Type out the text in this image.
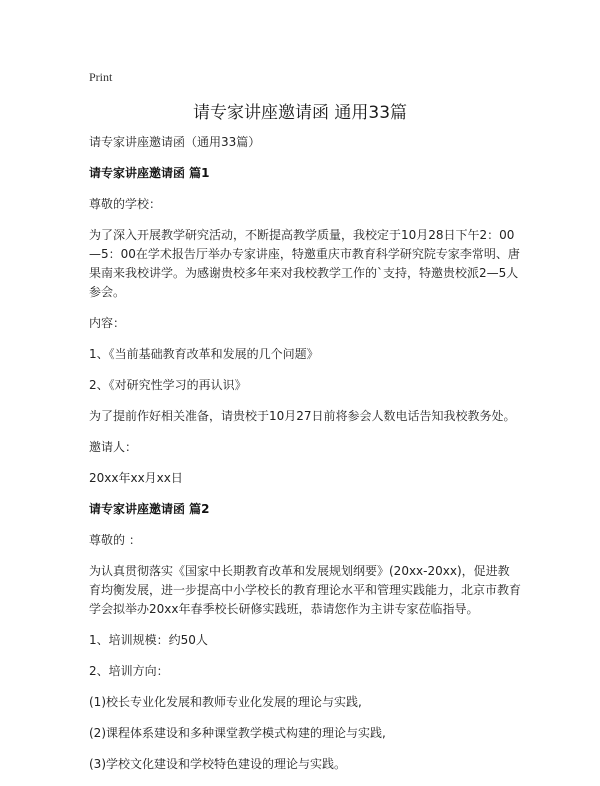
Print
请专家讲座邀请函 通用33篇

请专家讲座邀请函（通用33篇）

请专家讲座邀请函 篇1

尊敬的学校：

为了深入开展教学研究活动，不断提高教学质量，我校定于10月28日下午2：00—5：00在学术报告厅举办专家讲座，特邀重庆市教育科学研究院专家李常明、唐果南来我校讲学。为感谢贵校多年来对我校教学工作的`支持，特邀贵校派2—5人参会。

内容：

1、《当前基础教育改革和发展的几个问题》

2、《对研究性学习的再认识》

为了提前作好相关准备，请贵校于10月27日前将参会人数电话告知我校教务处。

邀请人：

20xx年xx月xx日

请专家讲座邀请函 篇2

尊敬的 ：

为认真贯彻落实《国家中长期教育改革和发展规划纲要》(20xx-20xx)，促进教育均衡发展，进一步提高中小学校长的教育理论水平和管理实践能力，北京市教育学会拟举办20xx年春季校长研修实践班，恭请您作为主讲专家莅临指导。

1、培训规模：约50人

2、培训方向：

(1)校长专业化发展和教师专业化发展的理论与实践,

(2)课程体系建设和多种课堂教学模式构建的理论与实践,

(3)学校文化建设和学校特色建设的理论与实践。
